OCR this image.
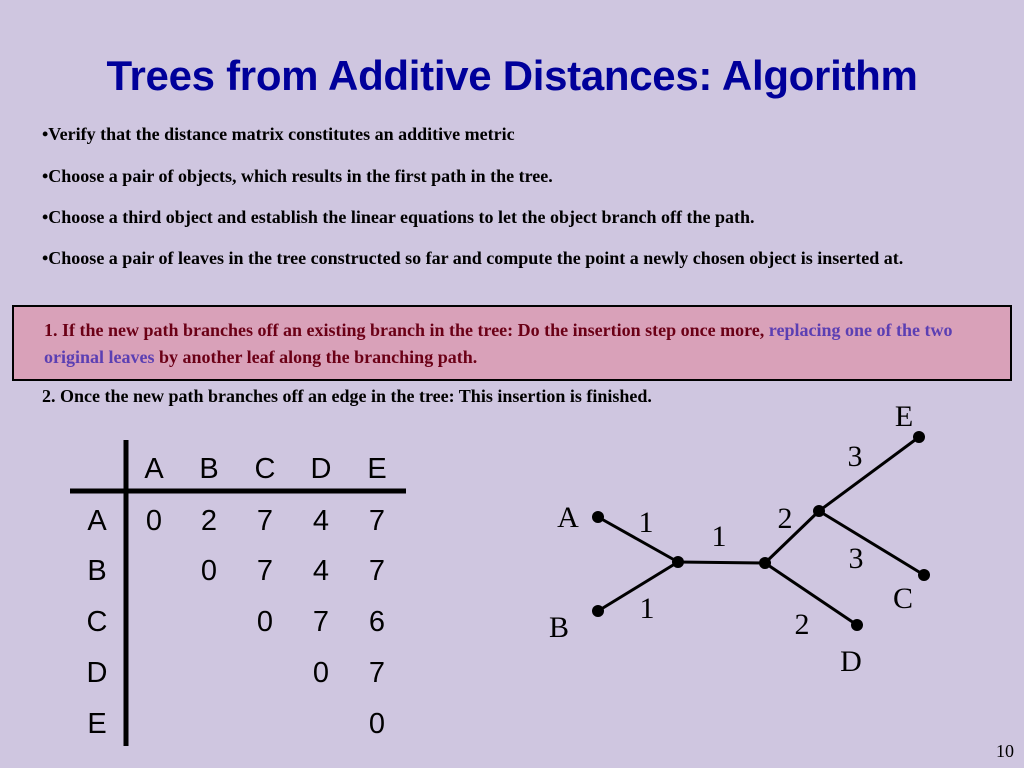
Trees from Additive Distances: Algorithm
•Verify that the distance matrix constitutes an additive metric
•Choose a pair of objects, which results in the first path in the tree.
•Choose a third object and establish the linear equations to let the object branch off the path.
•Choose a pair of leaves in the tree constructed so far and compute the point a newly chosen object is inserted at.
1. If the new path branches off an existing branch in the tree: Do the insertion step once more, replacing one of the two original leaves by another leaf along the branching path.
2. Once the new path branches off an edge in the tree: This insertion is finished.
A B C D E
A
B
C
D
E
0 2 7 4 7
0 7 4 7
0 7 6
0 7
0
A
B
C
D
E
1
1
1
2
2
3
3
10
